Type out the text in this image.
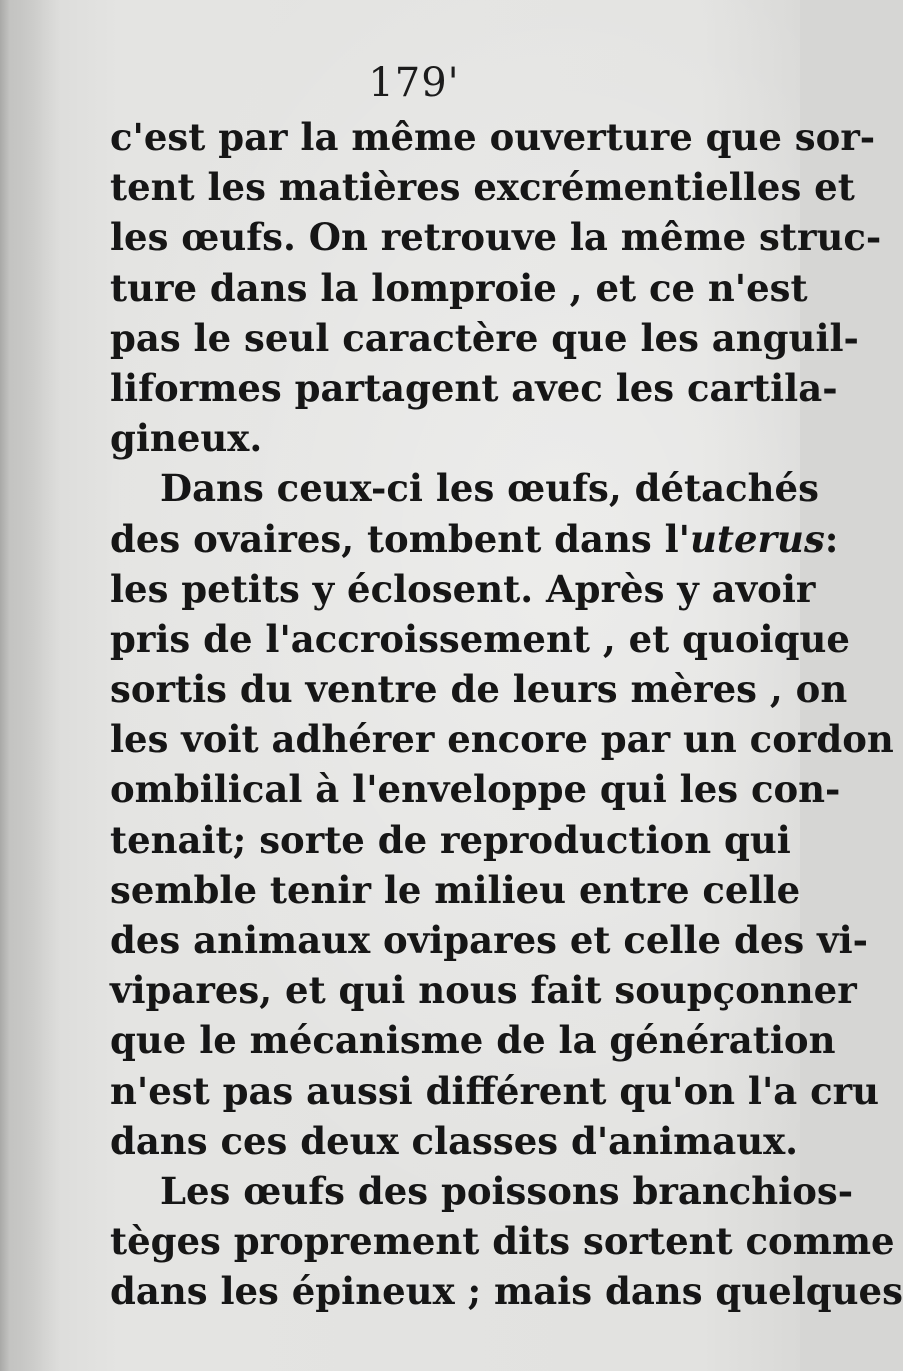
179'
c'est par la même ouverture que sor-
tent les matières excrémentielles et
les œufs. On retrouve la même struc-
ture dans la lomproie , et ce n'est
pas le seul caractère que les anguil-
liformes partagent avec les cartila-
gineux.
Dans ceux-ci les œufs, détachés
des ovaires, tombent dans l'uterus:
les petits y éclosent. Après y avoir
pris de l'accroissement , et quoique
sortis du ventre de leurs mères , on
les voit adhérer encore par un cordon
ombilical à l'enveloppe qui les con-
tenait; sorte de reproduction qui
semble tenir le milieu entre celle
des animaux ovipares et celle des vi-
vipares, et qui nous fait soupçonner
que le mécanisme de la génération
n'est pas aussi différent qu'on l'a cru
dans ces deux classes d'animaux.
Les œufs des poissons branchios-
tèges proprement dits sortent comme
dans les épineux ; mais dans quelques
